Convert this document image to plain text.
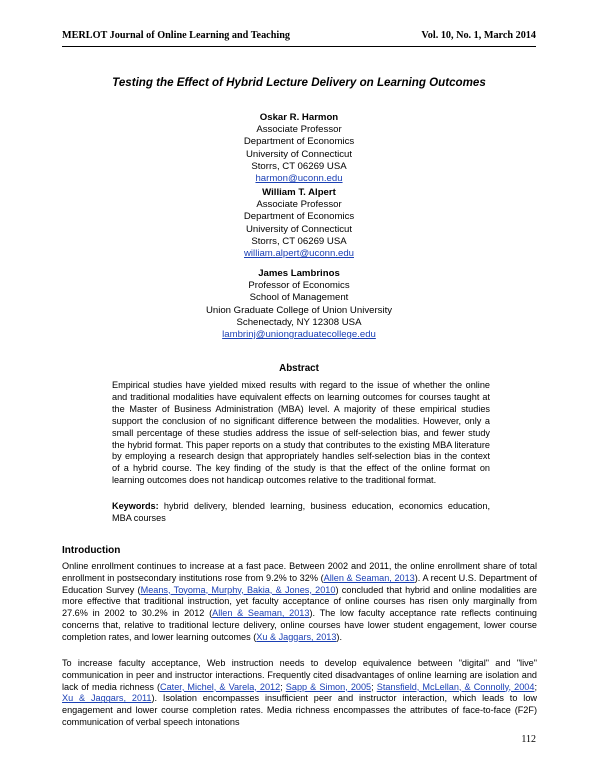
MERLOT Journal of Online Learning and Teaching	Vol. 10, No. 1, March 2014
Testing the Effect of Hybrid Lecture Delivery on Learning Outcomes
Oskar R. Harmon
Associate Professor
Department of Economics
University of Connecticut
Storrs, CT 06269 USA
harmon@uconn.edu
William T. Alpert
Associate Professor
Department of Economics
University of Connecticut
Storrs, CT 06269 USA
william.alpert@uconn.edu
James Lambrinos
Professor of Economics
School of Management
Union Graduate College of Union University
Schenectady, NY 12308 USA
lambrinj@uniongraduatecollege.edu
Abstract

Empirical studies have yielded mixed results with regard to the issue of whether the online and traditional modalities have equivalent effects on learning outcomes for courses taught at the Master of Business Administration (MBA) level. A majority of these empirical studies support the conclusion of no significant difference between the modalities. However, only a small percentage of these studies address the issue of self-selection bias, and fewer study the hybrid format. This paper reports on a study that contributes to the existing MBA literature by employing a research design that appropriately handles self-selection bias in the context of a hybrid course. The key finding of the study is that the effect of the online format on learning outcomes does not handicap outcomes relative to the traditional format.

Keywords: hybrid delivery, blended learning, business education, economics education, MBA courses

Introduction

Online enrollment continues to increase at a fast pace. Between 2002 and 2011, the online enrollment share of total enrollment in postsecondary institutions rose from 9.2% to 32% (Allen & Seaman, 2013). A recent U.S. Department of Education Survey (Means, Toyoma, Murphy, Bakia, & Jones, 2010) concluded that hybrid and online modalities are more effective that traditional instruction, yet faculty acceptance of online courses has risen only marginally from 27.6% in 2002 to 30.2% in 2012 (Allen & Seaman, 2013). The low faculty acceptance rate reflects continuing concerns that, relative to traditional lecture delivery, online courses have lower student engagement, lower course completion rates, and lower learning outcomes (Xu & Jaggars, 2013).

To increase faculty acceptance, Web instruction needs to develop equivalence between "digital" and "live" communication in peer and instructor interactions. Frequently cited disadvantages of online learning are isolation and lack of media richness (Cater, Michel, & Varela, 2012; Sapp & Simon, 2005; Stansfield, McLellan, & Connolly, 2004; Xu & Jaggars, 2011). Isolation encompasses insufficient peer and instructor interaction, which leads to low engagement and lower course completion rates. Media richness encompasses the attributes of face-to-face (F2F) communication of verbal speech intonations

112
